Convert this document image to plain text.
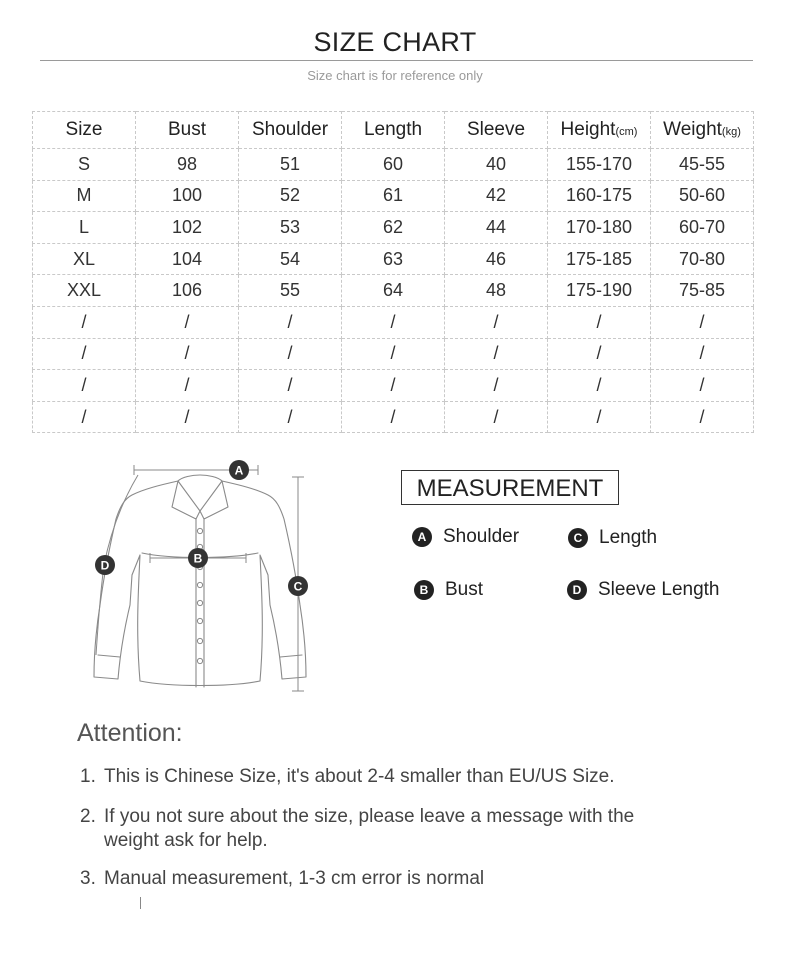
SIZE CHART
Size chart is for reference only
Size	Bust	Shoulder	Length	Sleeve	Height(cm)	Weight(kg)
S	98	51	60	40	155-170	45-55
M	100	52	61	42	160-175	50-60
L	102	53	62	44	170-180	60-70
XL	104	54	63	46	175-185	70-80
XXL	106	55	64	48	175-190	75-85
/	/	/	/	/	/	/
/	/	/	/	/	/	/
/	/	/	/	/	/	/
/	/	/	/	/	/	/
A
B
C
D
MEASUREMENT
A Shoulder	C Length
B Bust	D Sleeve Length
Attention:
1. This is Chinese Size, it's about 2-4 smaller than EU/US Size.
2. If you not sure about the size, please leave a message with the
weight ask for help.
3. Manual measurement, 1-3 cm error is normal
